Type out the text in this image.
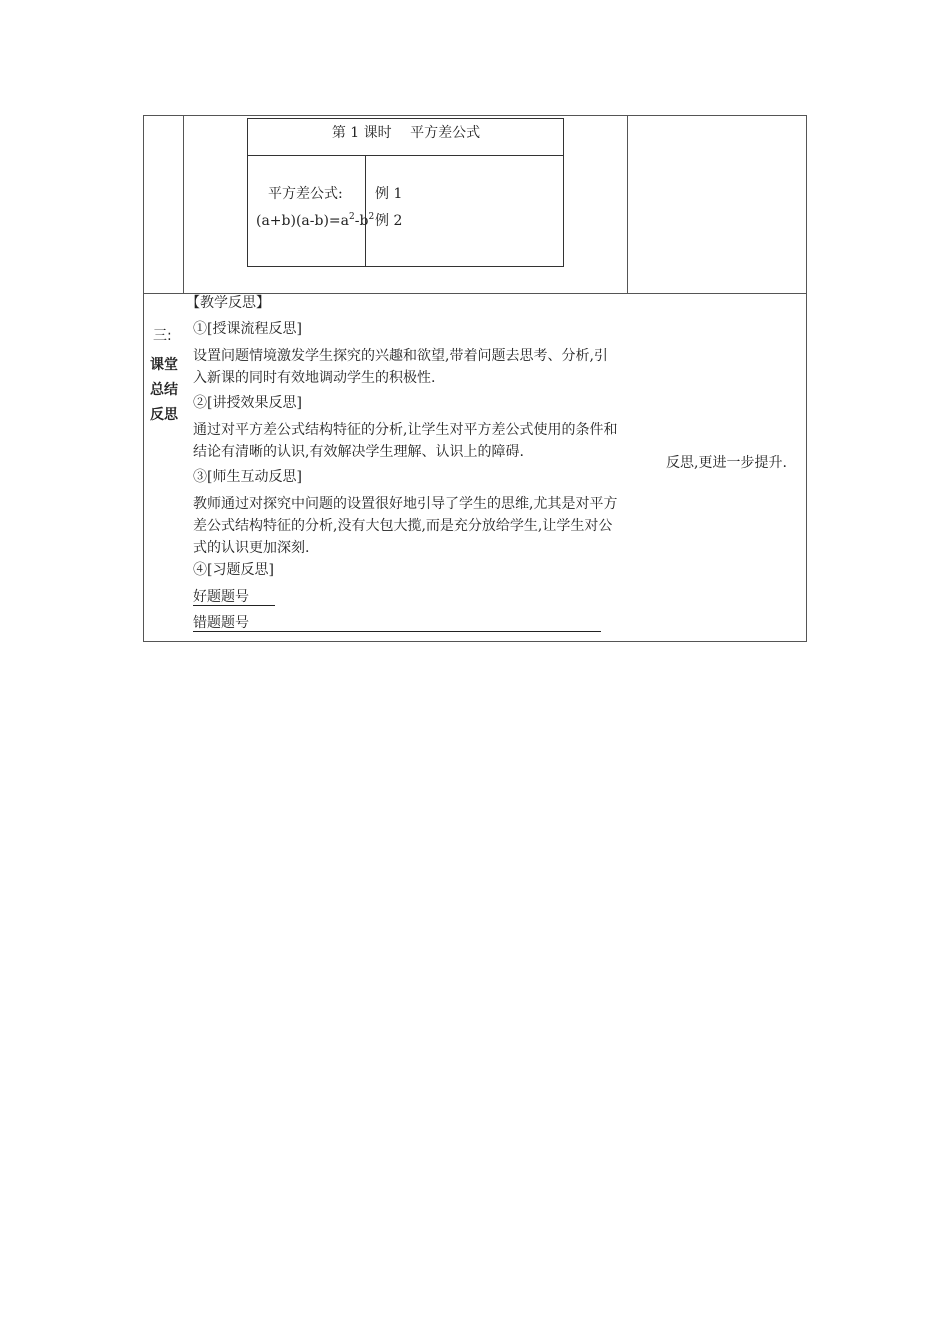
第 1 课时　 平方差公式
平方差公式:
$(a+b)(a-b)=a^2-b^2$
例 1
例 2
三:
课堂
总结
反思
【教学反思】
①[授课流程反思]
设置问题情境激发学生探究的兴趣和欲望,带着问题去思考、分析,引入新课的同时有效地调动学生的积极性.
②[讲授效果反思]
通过对平方差公式结构特征的分析,让学生对平方差公式使用的条件和结论有清晰的认识,有效解决学生理解、认识上的障碍.
③[师生互动反思]
教师通过对探究中问题的设置很好地引导了学生的思维,尤其是对平方差公式结构特征的分析,没有大包大揽,而是充分放给学生,让学生对公式的认识更加深刻.
④[习题反思]
好题题号
错题题号
反思,更进一步提升.
